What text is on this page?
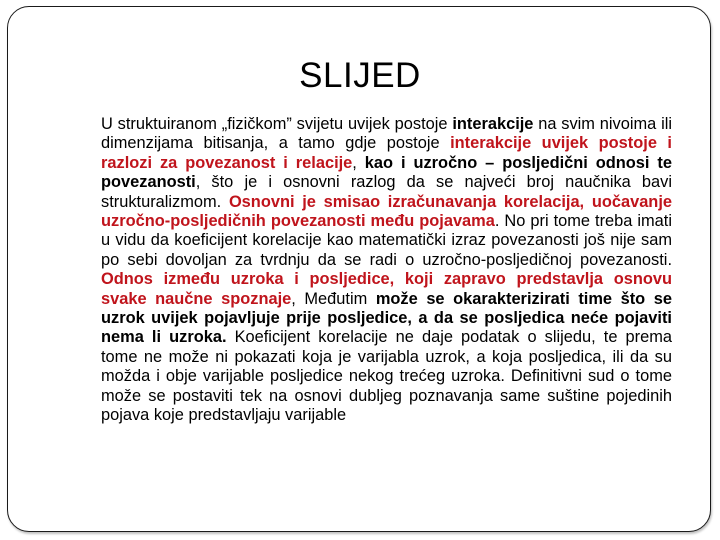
SLIJED

U struktuiranom „fizičkom” svijetu uvijek postoje interakcije na svim nivoima ili dimenzijama bitisanja, a tamo gdje postoje interakcije uvijek postoje i razlozi za povezanost i relacije, kao i uzročno – posljedični odnosi te povezanosti, što je i osnovni razlog da se najveći broj naučnika bavi strukturalizmom. Osnovni je smisao izračunavanja korelacija, uočavanje uzročno-posljedičnih povezanosti među pojavama. No pri tome treba imati u vidu da koeficijent korelacije kao matematički izraz povezanosti još nije sam po sebi dovoljan za tvrdnju da se radi o uzročno-posljedičnoj povezanosti. Odnos između uzroka i posljedice, koji zapravo predstavlja osnovu svake naučne spoznaje, Međutim može se okarakterizirati time što se uzrok uvijek pojavljuje prije posljedice, a da se posljedica neće pojaviti nema li uzroka. Koeficijent korelacije ne daje podatak o slijedu, te prema tome ne može ni pokazati koja je varijabla uzrok, a koja posljedica, ili da su možda i obje varijable posljedice nekog trećeg uzroka. Definitivni sud o tome može se postaviti tek na osnovi dubljeg poznavanja same suštine pojedinih pojava koje predstavljaju varijable
